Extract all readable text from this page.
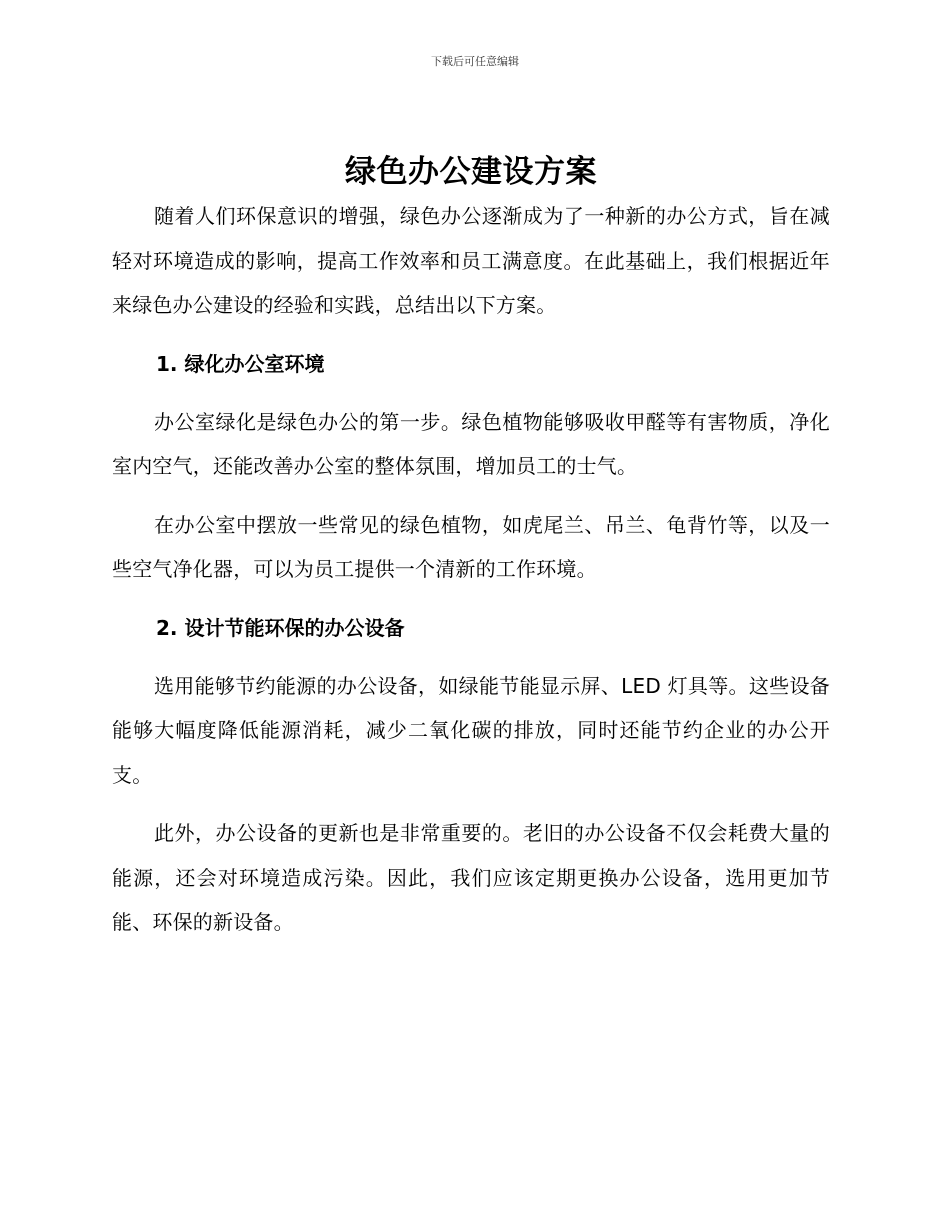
下载后可任意编辑
绿色办公建设方案

随着人们环保意识的增强，绿色办公逐渐成为了一种新的办公方式，旨在减轻对环境造成的影响，提高工作效率和员工满意度。在此基础上，我们根据近年来绿色办公建设的经验和实践，总结出以下方案。

1. 绿化办公室环境

办公室绿化是绿色办公的第一步。绿色植物能够吸收甲醛等有害物质，净化室内空气，还能改善办公室的整体氛围，增加员工的士气。

在办公室中摆放一些常见的绿色植物，如虎尾兰、吊兰、龟背竹等，以及一些空气净化器，可以为员工提供一个清新的工作环境。

2. 设计节能环保的办公设备

选用能够节约能源的办公设备，如绿能节能显示屏、LED 灯具等。这些设备能够大幅度降低能源消耗，减少二氧化碳的排放，同时还能节约企业的办公开支。

此外，办公设备的更新也是非常重要的。老旧的办公设备不仅会耗费大量的能源，还会对环境造成污染。因此，我们应该定期更换办公设备，选用更加节能、环保的新设备。
